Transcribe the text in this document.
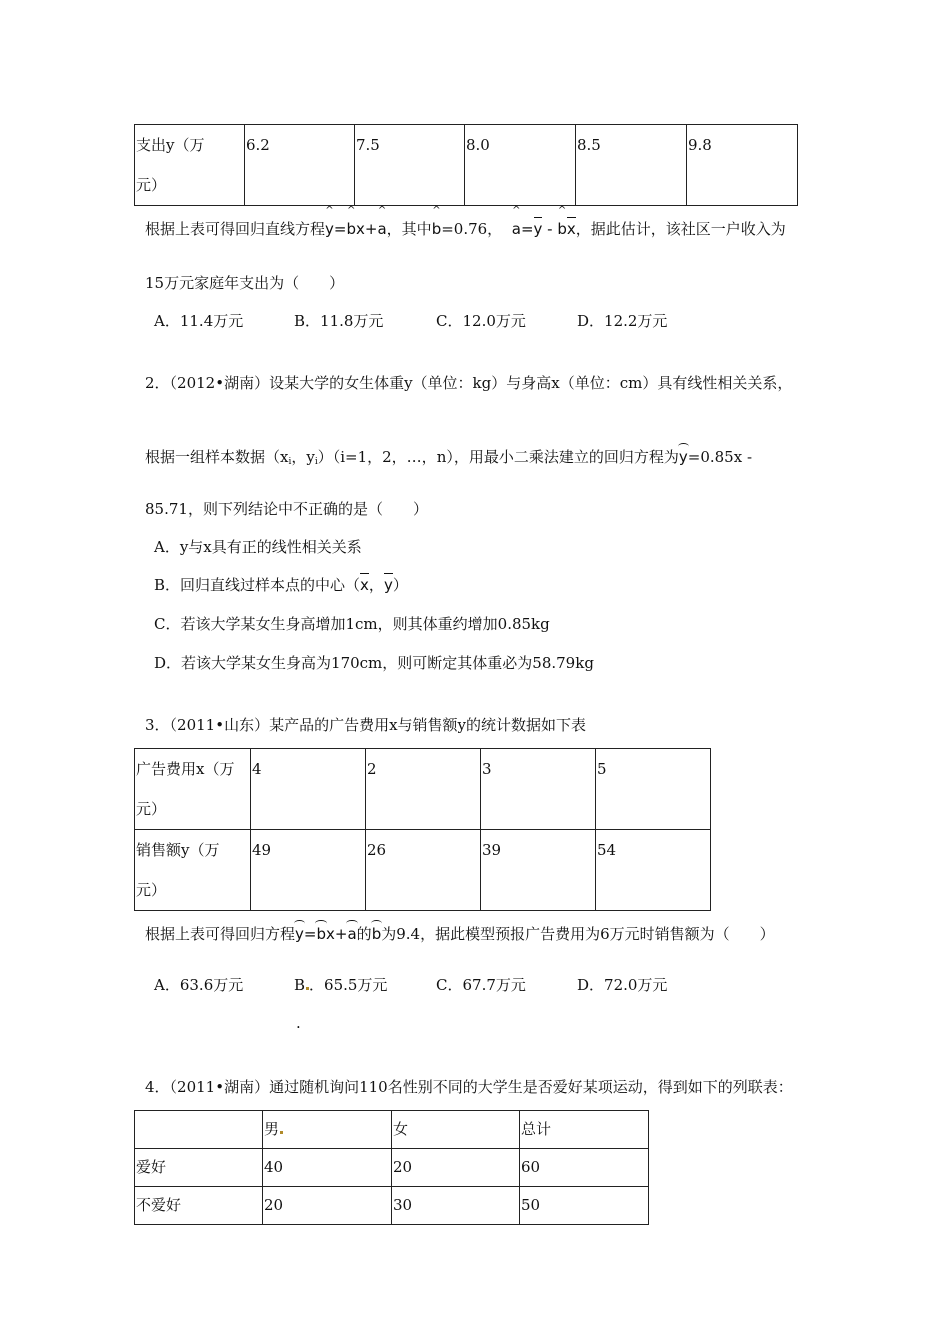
支出y（万
元）	6.2	7.5	8.0	8.5	9.8
根据上表可得回归直线方程^ y=^ bx+^ a，其中^ b=0.76， ^ a=y - ^ bx，据此估计，该社区一户收入为
15万元家庭年支出为（　　）
A．11.4万元	B．11.8万元	C．12.0万元	D．12.2万元
2．（2012•湖南）设某大学的女生体重y（单位：kg）与身高x（单位：cm）具有线性相关关系，
根据一组样本数据（$x_i$，$y_i)(i=1$，2，…，n），用最小二乘法建立的回归方程为y=0.85x -
85.71，则下列结论中不正确的是（　　）
A．y与x具有正的线性相关关系
B．回归直线过样本点的中心（x，y）
C．若该大学某女生身高增加1cm，则其体重约增加0.85kg
D．若该大学某女生身高为170cm，则可断定其体重必为58.79kg
3．（2011•山东）某产品的广告费用x与销售额y的统计数据如下表
广告费用x（万
元）	4	2	3	5
销售额y（万
元）	49	26	39	54
根据上表可得回归方程y=bx+a的b为9.4，据此模型预报广告费用为6万元时销售额为（　　）
A．63.6万元	B ．65.5万元	C．67.7万元	D．72.0万元
.
4．（2011•湖南）通过随机询问110名性别不同的大学生是否爱好某项运动，得到如下的列联表：
	男	女	总计
爱好	40	20	60
不爱好	20	30	50
